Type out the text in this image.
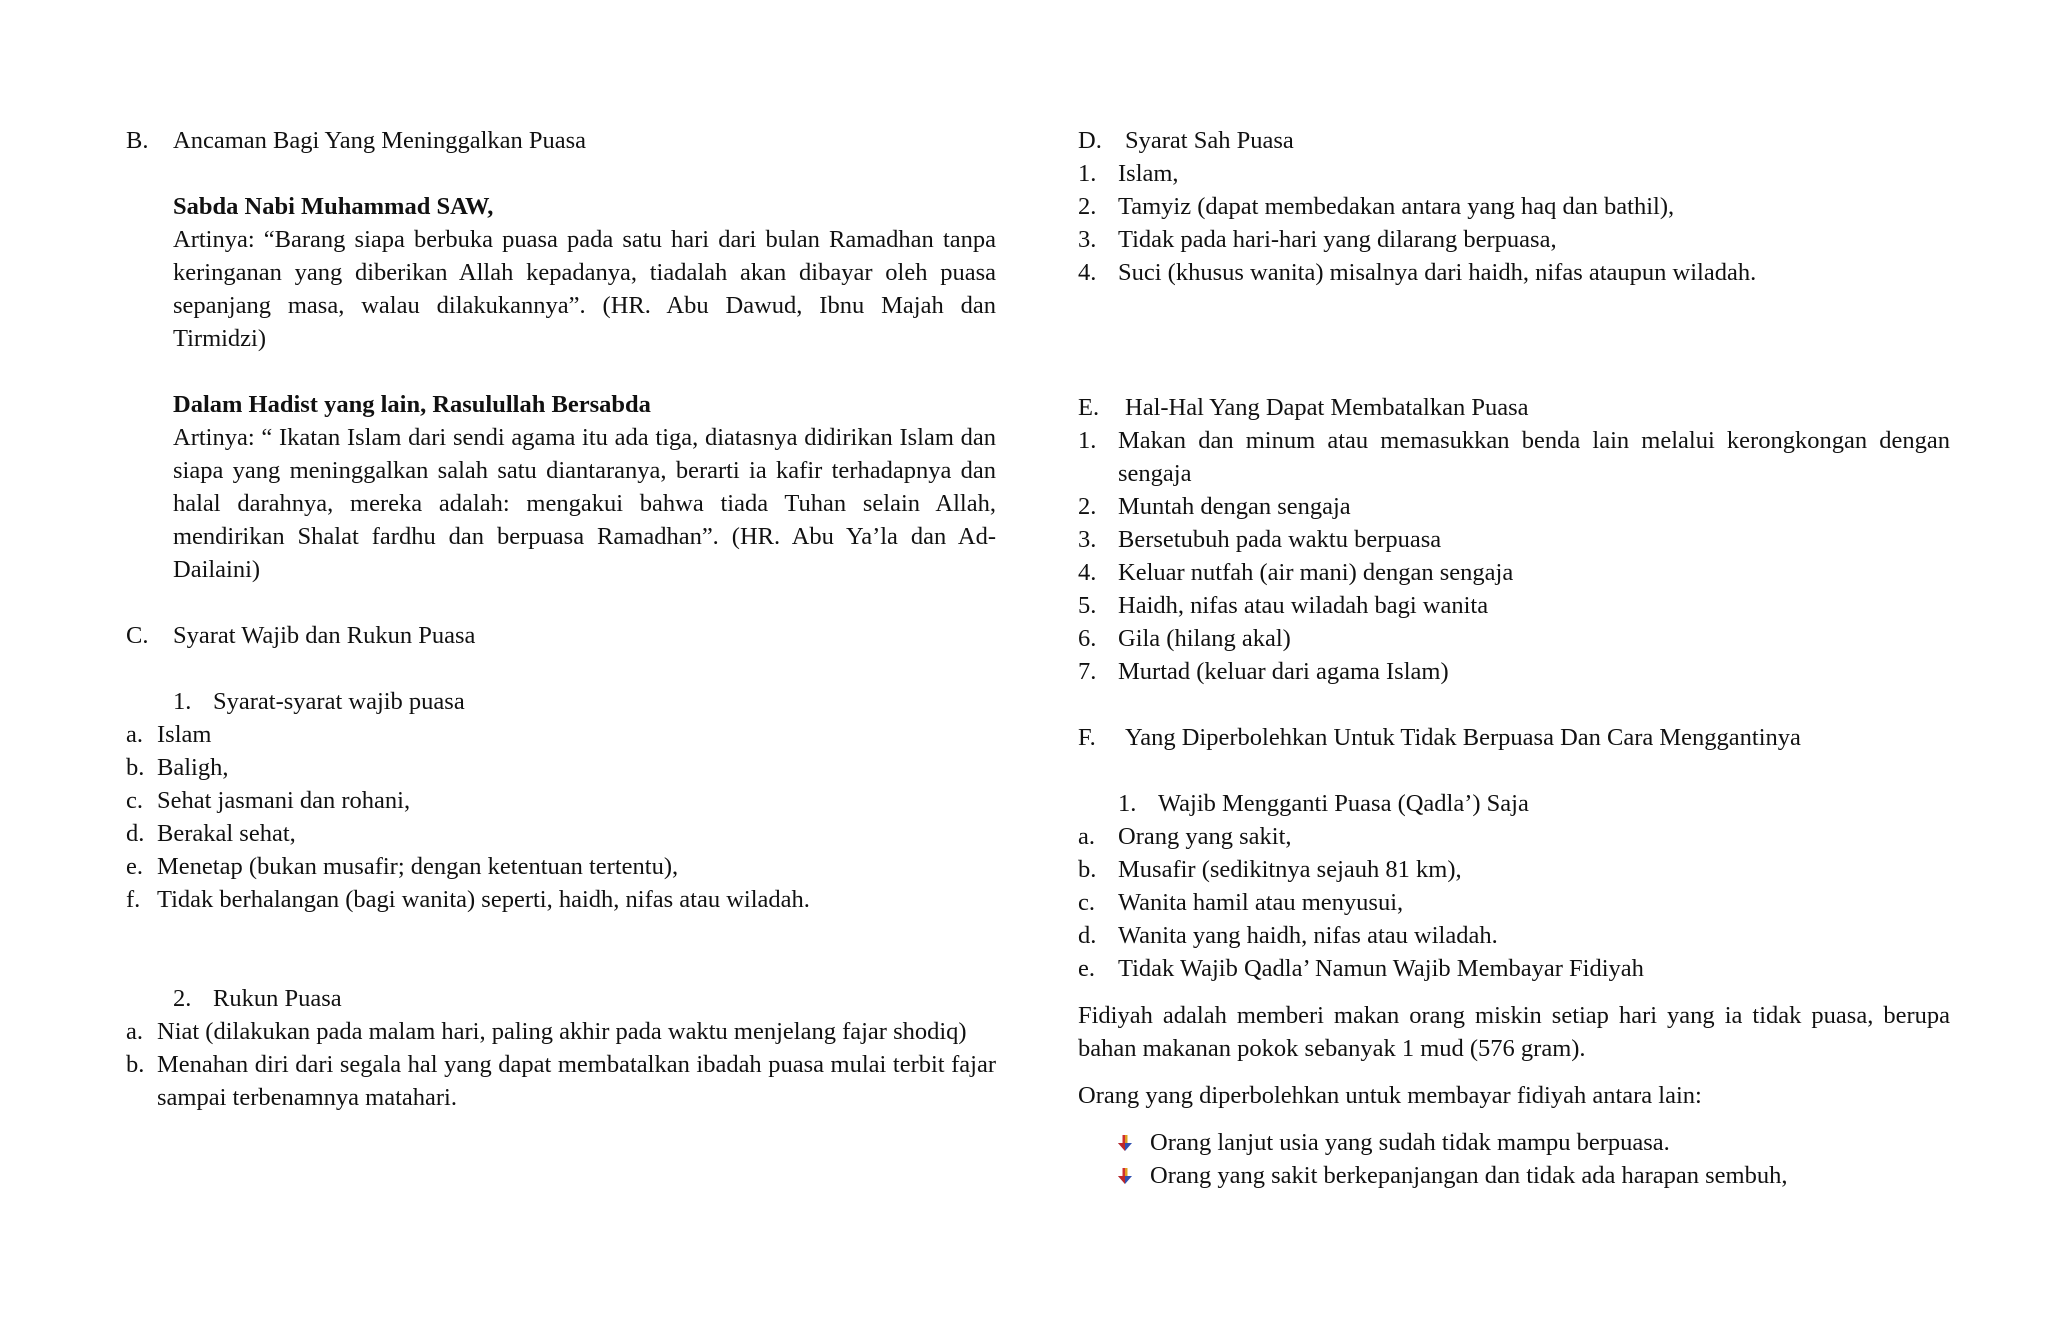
B.	Ancaman Bagi Yang Meninggalkan Puasa
Sabda Nabi Muhammad SAW,
Artinya: “Barang siapa berbuka puasa pada satu hari dari bulan Ramadhan tanpa keringanan yang diberikan Allah kepadanya, tiadalah akan dibayar oleh puasa sepanjang masa, walau dilakukannya”. (HR. Abu Dawud, Ibnu Majah dan Tirmidzi)
Dalam Hadist yang lain, Rasulullah Bersabda
Artinya: “ Ikatan Islam dari sendi agama itu ada tiga, diatasnya didirikan Islam dan siapa yang meninggalkan salah satu diantaranya, berarti ia kafir terhadapnya dan halal darahnya, mereka adalah: mengakui bahwa tiada Tuhan selain Allah, mendirikan Shalat fardhu dan berpuasa Ramadhan”. (HR. Abu Ya’la dan Ad-Dailaini)
C.	Syarat Wajib dan Rukun Puasa
1. Syarat-syarat wajib puasa
a. Islam
b. Baligh,
c. Sehat jasmani dan rohani,
d. Berakal sehat,
e. Menetap (bukan musafir; dengan ketentuan tertentu),
f. Tidak berhalangan (bagi wanita) seperti, haidh, nifas atau wiladah.
2. Rukun Puasa
a. Niat (dilakukan pada malam hari, paling akhir pada waktu menjelang fajar shodiq)
b. Menahan diri dari segala hal yang dapat membatalkan ibadah puasa mulai terbit fajar sampai terbenamnya matahari.
D. Syarat Sah Puasa
1. Islam,
2. Tamyiz (dapat membedakan antara yang haq dan bathil),
3. Tidak pada hari-hari yang dilarang berpuasa,
4. Suci (khusus wanita) misalnya dari haidh, nifas ataupun wiladah.
E.	Hal-Hal Yang Dapat Membatalkan Puasa
1. Makan dan minum atau memasukkan benda lain melalui kerongkongan dengan sengaja
2. Muntah dengan sengaja
3. Bersetubuh pada waktu berpuasa
4. Keluar nutfah (air mani) dengan sengaja
5. Haidh, nifas atau wiladah bagi wanita
6. Gila (hilang akal)
7. Murtad (keluar dari agama Islam)
F.	Yang Diperbolehkan Untuk Tidak Berpuasa Dan Cara Menggantinya
1. Wajib Mengganti Puasa (Qadla’) Saja
a. Orang yang sakit,
b. Musafir (sedikitnya sejauh 81 km),
c. Wanita hamil atau menyusui,
d. Wanita yang haidh, nifas atau wiladah.
e. Tidak Wajib Qadla’ Namun Wajib Membayar Fidiyah
Fidiyah adalah memberi makan orang miskin setiap hari yang ia tidak puasa, berupa bahan makanan pokok sebanyak 1 mud (576 gram).
Orang yang diperbolehkan untuk membayar fidiyah antara lain:
Orang lanjut usia yang sudah tidak mampu berpuasa.
Orang yang sakit berkepanjangan dan tidak ada harapan sembuh,
